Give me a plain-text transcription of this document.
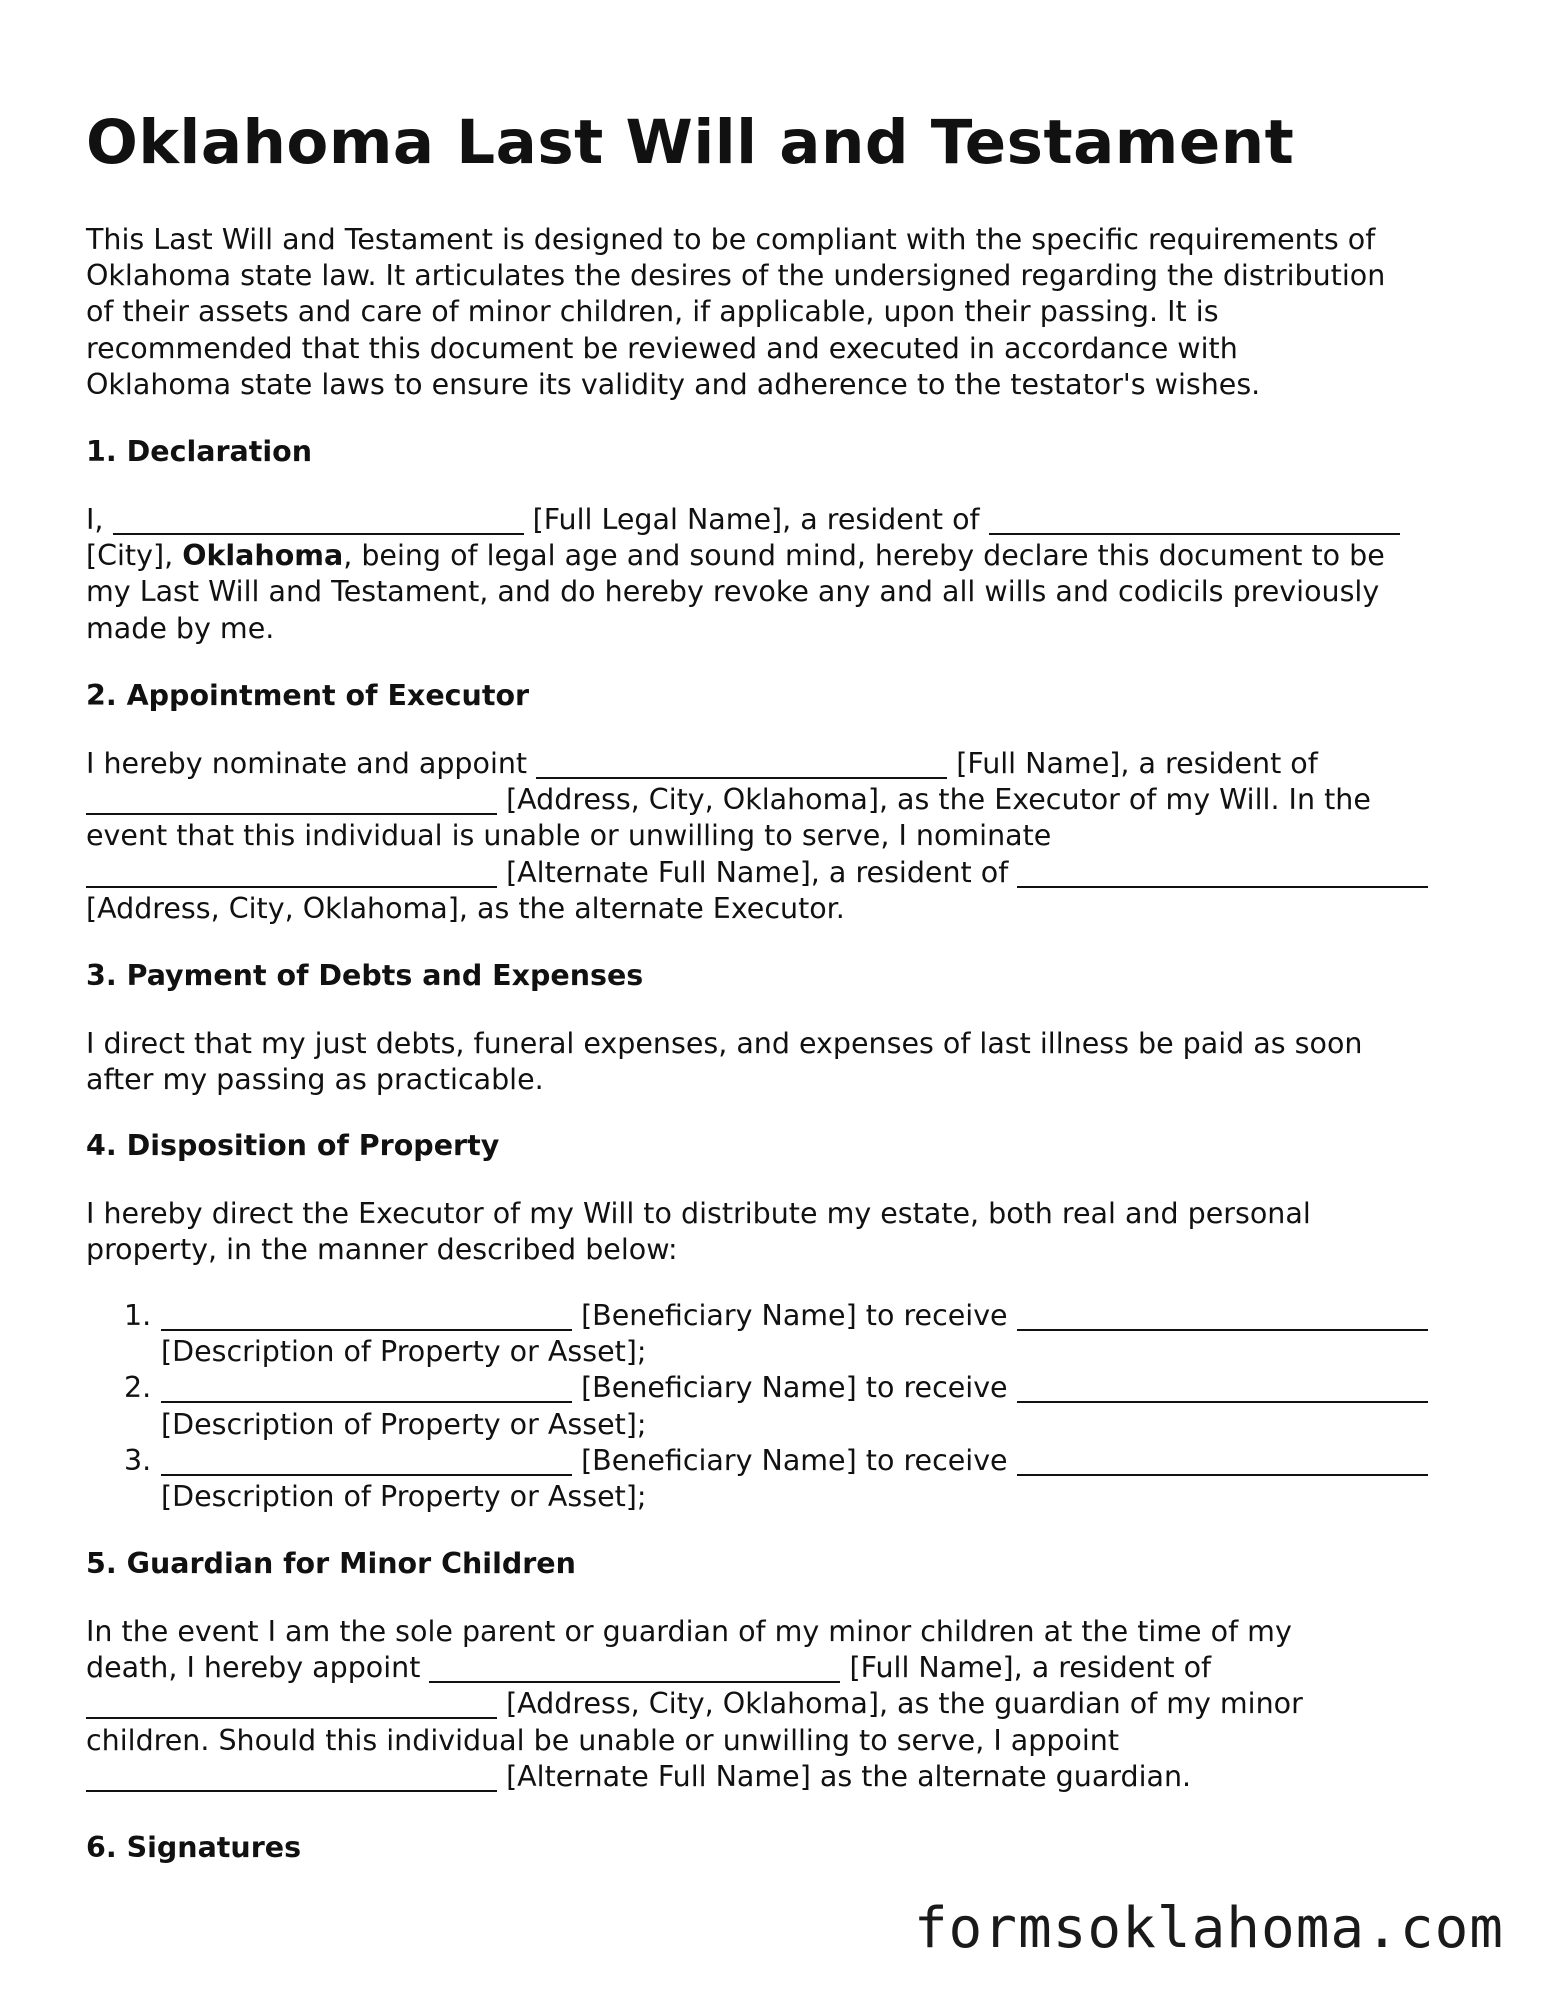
Oklahoma Last Will and Testament
This Last Will and Testament is designed to be compliant with the specific requirements of
Oklahoma state law. It articulates the desires of the undersigned regarding the distribution
of their assets and care of minor children, if applicable, upon their passing. It is
recommended that this document be reviewed and executed in accordance with
Oklahoma state laws to ensure its validity and adherence to the testator's wishes.
1. Declaration
I,	[Full Legal Name], a resident of
[City], Oklahoma, being of legal age and sound mind, hereby declare this document to be
my Last Will and Testament, and do hereby revoke any and all wills and codicils previously
made by me.
2. Appointment of Executor
I hereby nominate and appoint	[Full Name], a resident of
[Address, City, Oklahoma], as the Executor of my Will. In the
event that this individual is unable or unwilling to serve, I nominate
[Alternate Full Name], a resident of
[Address, City, Oklahoma], as the alternate Executor.
3. Payment of Debts and Expenses
I direct that my just debts, funeral expenses, and expenses of last illness be paid as soon
after my passing as practicable.
4. Disposition of Property
I hereby direct the Executor of my Will to distribute my estate, both real and personal
property, in the manner described below:
1.	[Beneficiary Name] to receive
[Description of Property or Asset];
2.	[Beneficiary Name] to receive
[Description of Property or Asset];
3.	[Beneficiary Name] to receive
[Description of Property or Asset];
5. Guardian for Minor Children
In the event I am the sole parent or guardian of my minor children at the time of my
death, I hereby appoint	[Full Name], a resident of
[Address, City, Oklahoma], as the guardian of my minor
children. Should this individual be unable or unwilling to serve, I appoint
[Alternate Full Name] as the alternate guardian.
6. Signatures
formsoklahoma.com
